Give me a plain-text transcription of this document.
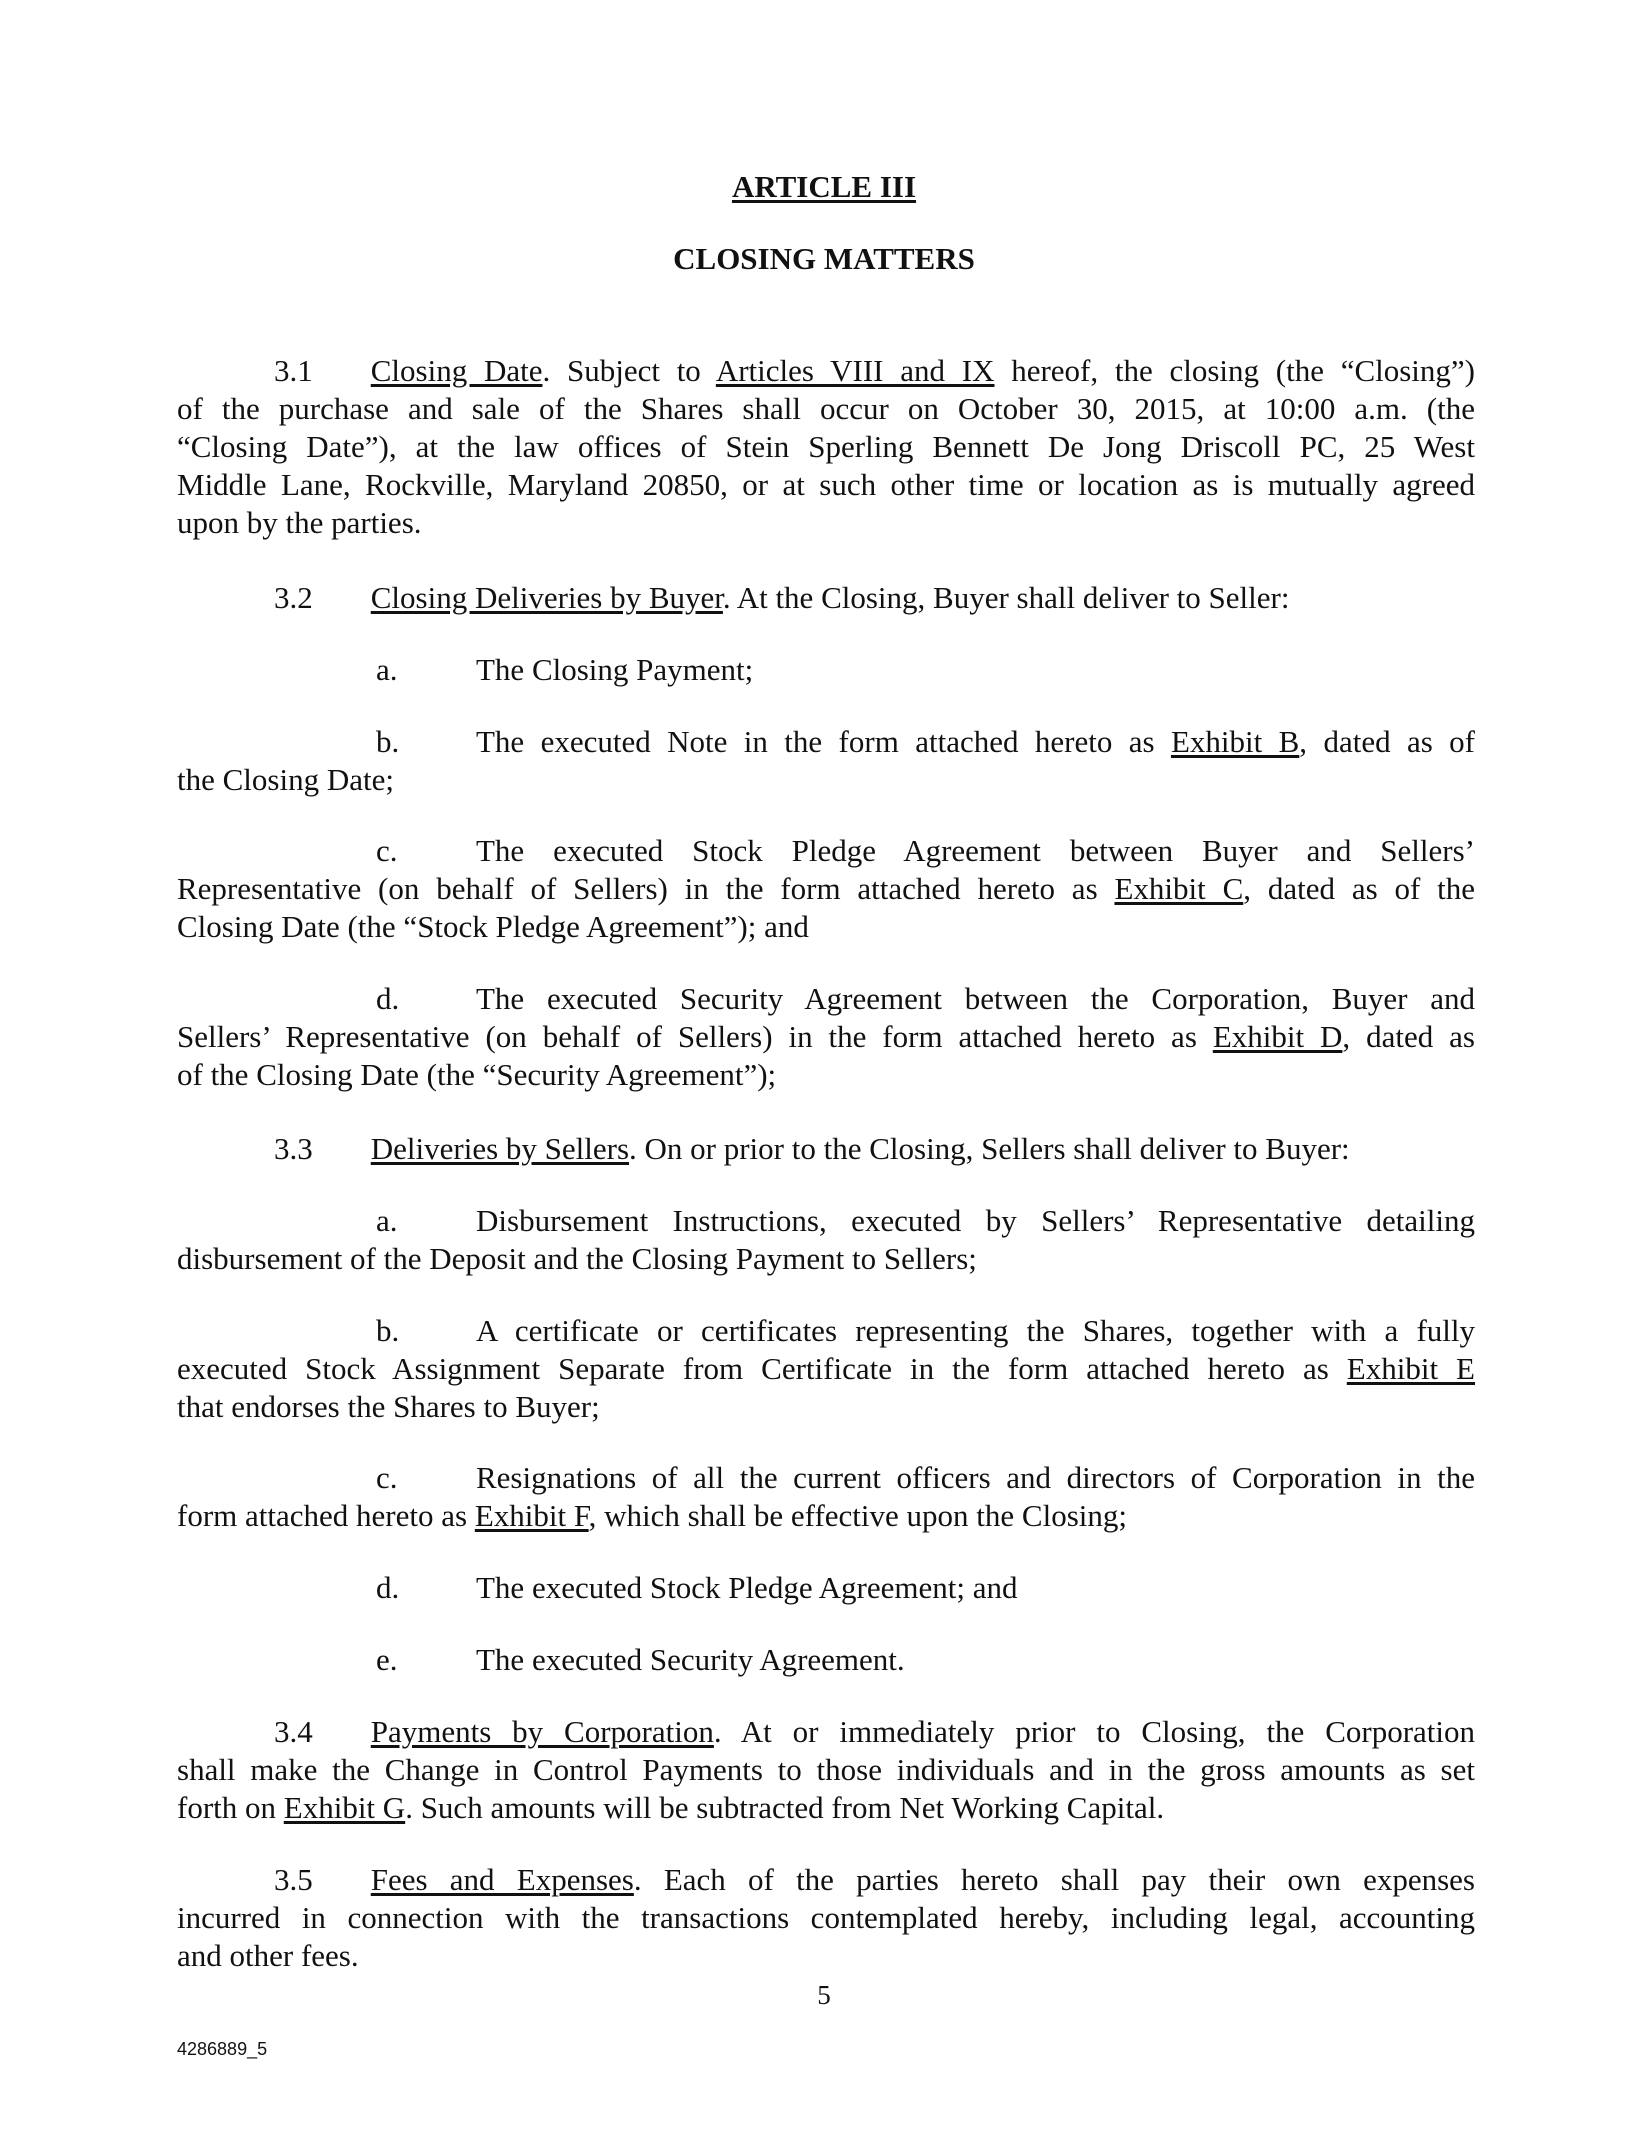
ARTICLE III
CLOSING MATTERS
3.1 Closing Date. Subject to Articles VIII and IX hereof, the closing (the “Closing”)
of the purchase and sale of the Shares shall occur on October 30, 2015, at 10:00 a.m. (the
“Closing Date”), at the law offices of Stein Sperling Bennett De Jong Driscoll PC, 25 West
Middle Lane, Rockville, Maryland 20850, or at such other time or location as is mutually agreed
upon by the parties.
3.2 Closing Deliveries by Buyer. At the Closing, Buyer shall deliver to Seller:
a.	The Closing Payment;
b. The executed Note in the form attached hereto as Exhibit B, dated as of
the Closing Date;
c.	The executed Stock Pledge Agreement between Buyer and Sellers’
Representative (on behalf of Sellers) in the form attached hereto as Exhibit C, dated as of the
Closing Date (the “Stock Pledge Agreement”); and
d. The executed Security Agreement between the Corporation, Buyer and
Sellers’ Representative (on behalf of Sellers) in the form attached hereto as Exhibit D, dated as
of the Closing Date (the “Security Agreement”);
3.3 Deliveries by Sellers. On or prior to the Closing, Sellers shall deliver to Buyer:
a.	Disbursement Instructions, executed by Sellers’ Representative detailing
disbursement of the Deposit and the Closing Payment to Sellers;
b. A certificate or certificates representing the Shares, together with a fully
executed Stock Assignment Separate from Certificate in the form attached hereto as Exhibit E
that endorses the Shares to Buyer;
c.	Resignations of all the current officers and directors of Corporation in the
form attached hereto as Exhibit F, which shall be effective upon the Closing;
d. The executed Stock Pledge Agreement; and
e.	The executed Security Agreement.
3.4 Payments by Corporation. At or immediately prior to Closing, the Corporation
shall make the Change in Control Payments to those individuals and in the gross amounts as set
forth on Exhibit G. Such amounts will be subtracted from Net Working Capital.
3.5 Fees and Expenses. Each of the parties hereto shall pay their own expenses
incurred in connection with the transactions contemplated hereby, including legal, accounting
and other fees.
5
4286889_5
